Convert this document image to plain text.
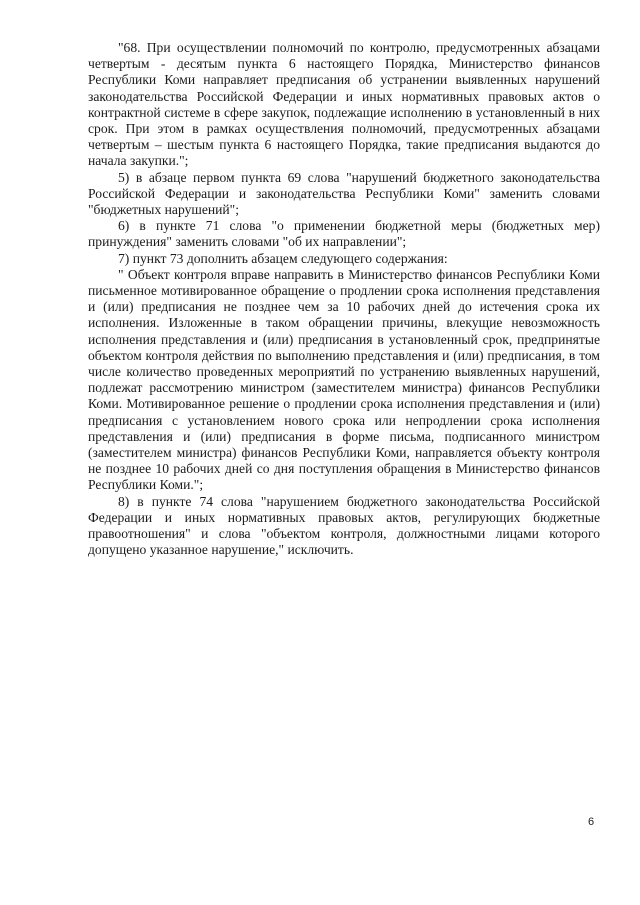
"68. При осуществлении полномочий по контролю, предусмотренных абзацами четвертым - десятым пункта 6 настоящего Порядка, Министерство финансов Республики Коми направляет предписания об устранении выявленных нарушений законодательства Российской Федерации и иных нормативных правовых актов о контрактной системе в сфере закупок, подлежащие исполнению в установленный в них срок. При этом в рамках осуществления полномочий, предусмотренных абзацами четвертым – шестым пункта 6 настоящего Порядка, такие предписания выдаются до начала закупки.";

5) в абзаце первом пункта 69 слова "нарушений бюджетного законодательства Российской Федерации и законодательства Республики Коми" заменить словами "бюджетных нарушений";

6) в пункте 71 слова "о применении бюджетной меры (бюджетных мер) принуждения" заменить словами "об их направлении";

7) пункт 73 дополнить абзацем следующего содержания:

" Объект контроля вправе направить в Министерство финансов Республики Коми письменное мотивированное обращение о продлении срока исполнения представления и (или) предписания не позднее чем за 10 рабочих дней до истечения срока их исполнения. Изложенные в таком обращении причины, влекущие невозможность исполнения представления и (или) предписания в установленный срок, предпринятые объектом контроля действия по выполнению представления и (или) предписания, в том числе количество проведенных мероприятий по устранению выявленных нарушений, подлежат рассмотрению министром (заместителем министра) финансов Республики Коми. Мотивированное решение о продлении срока исполнения представления и (или) предписания с установлением нового срока или непродлении срока исполнения представления и (или) предписания в форме письма, подписанного министром (заместителем министра) финансов Республики Коми, направляется объекту контроля не позднее 10 рабочих дней со дня поступления обращения в Министерство финансов Республики Коми.";

8) в пункте 74 слова "нарушением бюджетного законодательства Российской Федерации и иных нормативных правовых актов, регулирующих бюджетные правоотношения" и слова "объектом контроля, должностными лицами которого допущено указанное нарушение," исключить.

6
